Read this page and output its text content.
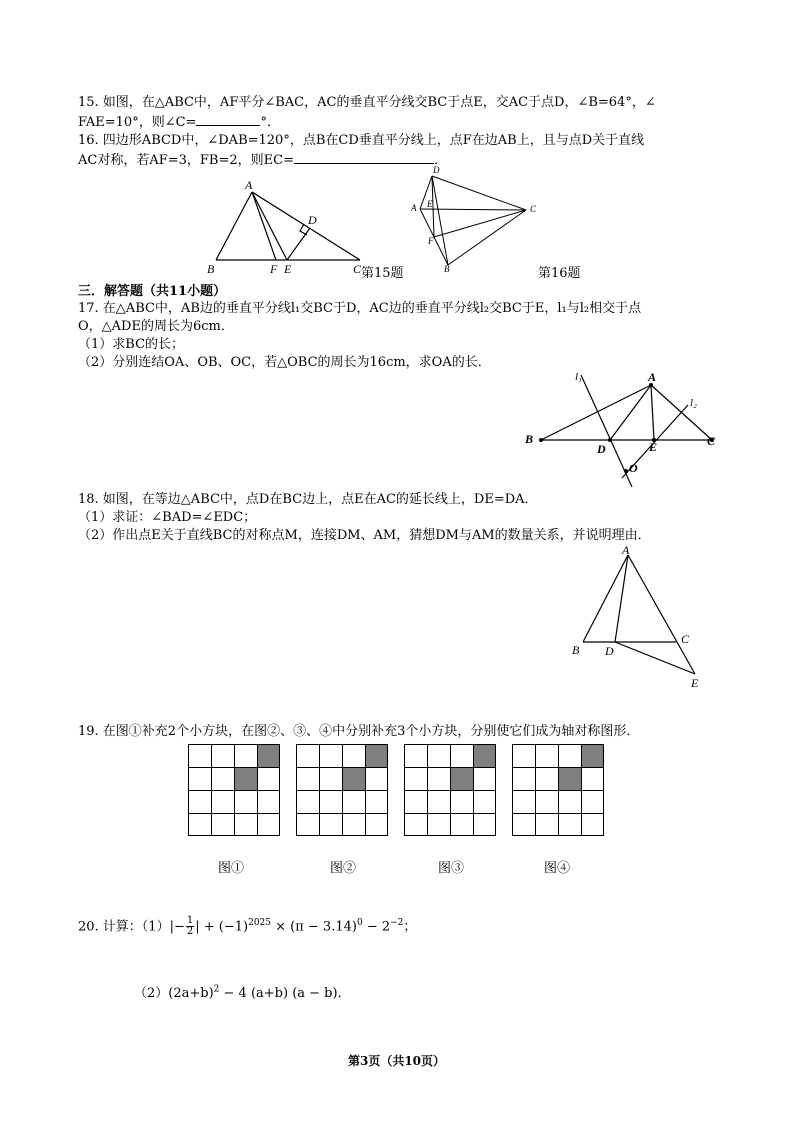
15. 如图，在△ABC中，AF平分∠BAC，AC的垂直平分线交BC于点E，交AC于点D，∠B=64°，∠
FAE=10°，则∠C=	°．
16. 四边形ABCD中，∠DAB=120°，点B在CD垂直平分线上，点F在边AB上，且与点D关于直线
AC对称，若AF=3，FB=2，则EC=	．
A
B	C
D
E
F	第15题
D
A E	C
F
B	第16题
三．解答题（共11小题）
17. 在△ABC中，AB边的垂直平分线l₁交BC于D，AC边的垂直平分线l₂交BC于E，l₁与l₂相交于点
O，△ADE的周长为6cm．
（1）求BC的长；
（2）分别连结OA、OB、OC，若△OBC的周长为16cm，求OA的长．
l₁
l₂
A
B	C
D	E
O
18. 如图，在等边△ABC中，点D在BC边上，点E在AC的延长线上，DE=DA．
（1）求证：∠BAD=∠EDC；
（2）作出点E关于直线BC的对称点M，连接DM、AM，猜想DM与AM的数量关系，并说明理由．
A
B
C
D
E
19. 在图①补充2个小方块，在图②、③、④中分别补充3个小方块，分别使它们成为轴对称图形．
图①	图②	图③	图④
20. 计算：$(1)|- \frac{1}{2}$ | + $(-1)^{2025} \times (\pi - 3.14)^0 - 2^{-2}$；
$(2)(2a+b)^2 - 4$ (a+b) (a − b)．
第3页（共10页）
